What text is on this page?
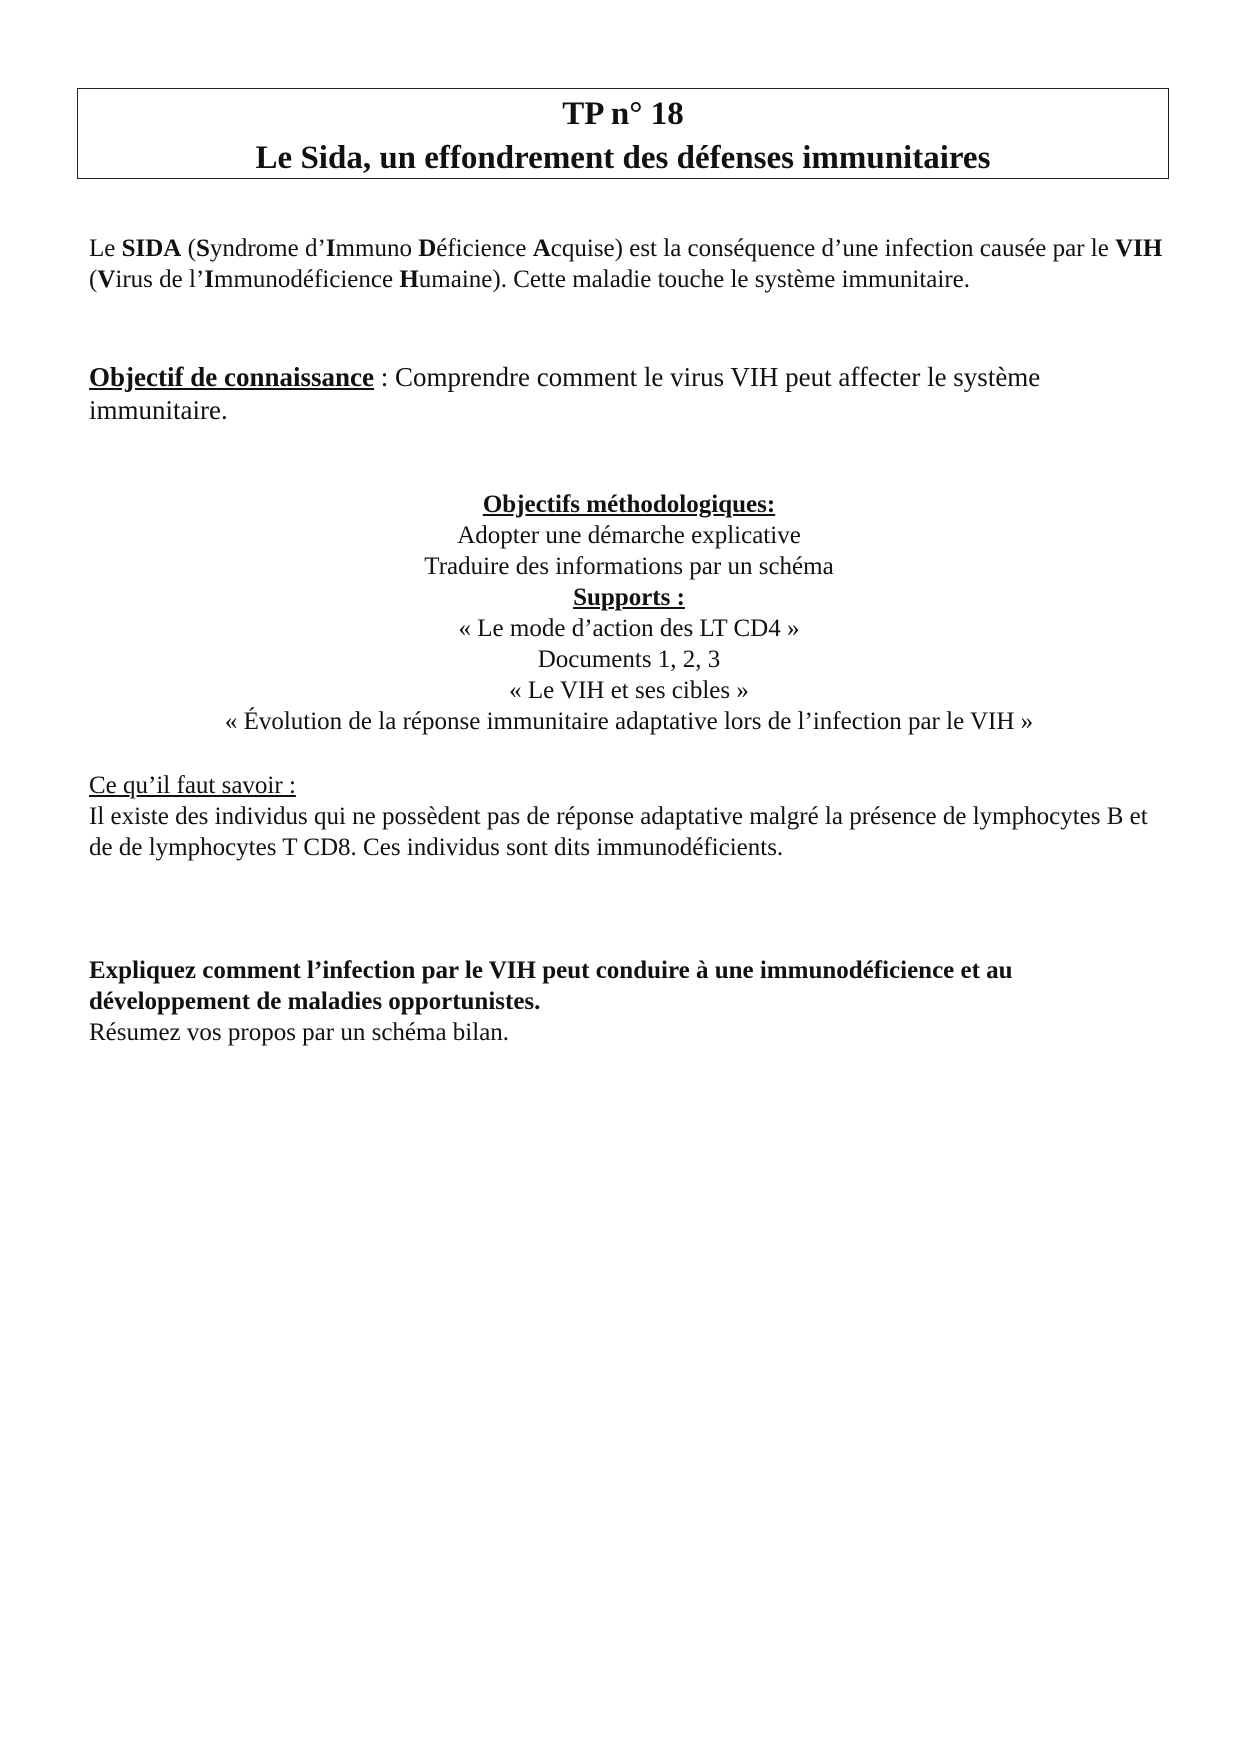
TP n° 18
Le Sida, un effondrement des défenses immunitaires
Le SIDA (Syndrome d’Immuno Déficience Acquise) est la conséquence d’une infection causée par le VIH (Virus de l’Immunodéficience Humaine). Cette maladie touche le système immunitaire.
Objectif de connaissance : Comprendre comment le virus VIH peut affecter le système immunitaire.
Objectifs méthodologiques:
Adopter une démarche explicative
Traduire des informations par un schéma
Supports :
« Le mode d’action des LT CD4 »
Documents 1, 2, 3
« Le VIH et ses cibles »
« Évolution de la réponse immunitaire adaptative lors de l’infection par le VIH »
Ce qu’il faut savoir :
Il existe des individus qui ne possèdent pas de réponse adaptative malgré la présence de lymphocytes B et de de lymphocytes T CD8. Ces individus sont dits immunodéficients.
Expliquez comment l’infection par le VIH peut conduire à une immunodéficience et au développement de maladies opportunistes.
Résumez vos propos par un schéma bilan.
